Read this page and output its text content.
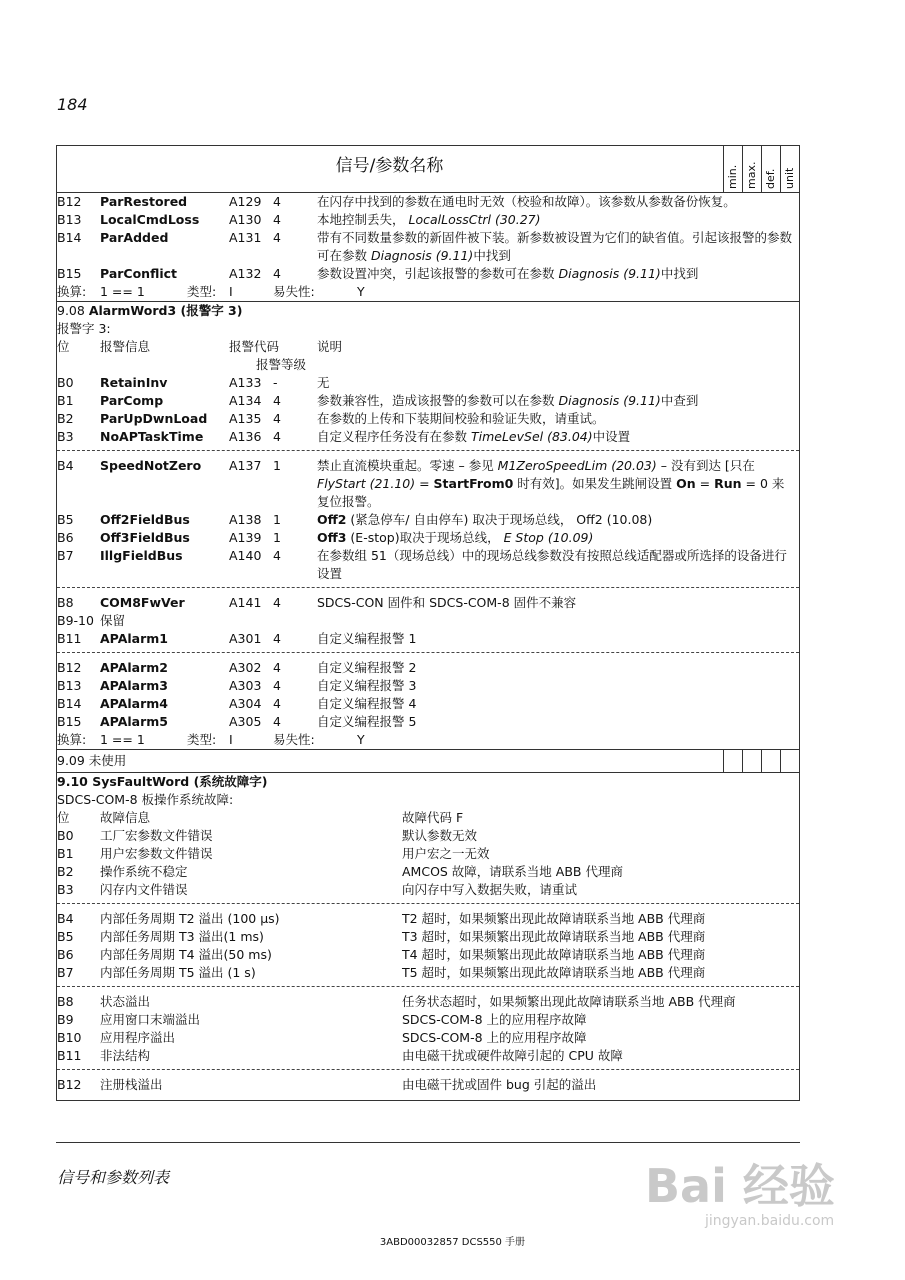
184
信号/参数名称	min. max. def. unit
B12 ParRestored	A129 4	在闪存中找到的参数在通电时无效（校验和故障）。该参数从参数备份恢复。
B13 LocalCmdLoss A130 4	本地控制丢失， LocalLossCtrl (30.27)
B14 ParAdded	A131 4	带有不同数量参数的新固件被下装。新参数被设置为它们的缺省值。引起该报警的参数可在参数 Diagnosis (9.11)中找到
B15 ParConflict	A132 4	参数设置冲突，引起该报警的参数可在参数 Diagnosis (9.11)中找到
换算: 1 == 1	类型: I	易失性:	Y
9.08 AlarmWord3 (报警字 3)
报警字 3:
位 报警信息	报警代码	说明
报警等级
B0 RetainInv	A133 -	无
B1 ParComp	A134 4	参数兼容性，造成该报警的参数可以在参数 Diagnosis (9.11)中查到
B2 ParUpDwnLoad A135 4	在参数的上传和下装期间校验和验证失败，请重试。
B3 NoAPTaskTime A136 4	自定义程序任务没有在参数 TimeLevSel (83.04)中设置
B4 SpeedNotZero A137 1	禁止直流模块重起。零速 – 参见 M1ZeroSpeedLim (20.03) – 没有到达 [只在 FlyStart (21.10) = StartFrom0 时有效]。如果发生跳闸设置 On = Run = 0 来复位报警。
B5 Off2FieldBus	A138 1	Off2 (紧急停车/ 自由停车) 取决于现场总线， Off2 (10.08)
B6 Off3FieldBus	A139 1	Off3 (E-stop)取决于现场总线， E Stop (10.09)
B7 IllgFieldBus	A140 4	在参数组 51（现场总线）中的现场总线参数没有按照总线适配器或所选择的设备进行设置
B8 COM8FwVer	A141 4	SDCS-CON 固件和 SDCS-COM-8 固件不兼容
B9-10 保留
B11 APAlarm1	A301 4	自定义编程报警 1
B12 APAlarm2	A302 4	自定义编程报警 2
B13 APAlarm3	A303 4	自定义编程报警 3
B14 APAlarm4	A304 4	自定义编程报警 4
B15 APAlarm5	A305 4	自定义编程报警 5
换算: 1 == 1	类型: I	易失性:	Y
9.09 未使用
9.10 SysFaultWord (系统故障字)
SDCS-COM-8 板操作系统故障:
位 故障信息	故障代码 F
B0 工厂宏参数文件错误	默认参数无效
B1 用户宏参数文件错误	用户宏之一无效
B2 操作系统不稳定	AMCOS 故障，请联系当地 ABB 代理商
B3 闪存内文件错误	向闪存中写入数据失败，请重试
B4 内部任务周期 T2 溢出 (100 µs)	T2 超时，如果频繁出现此故障请联系当地 ABB 代理商
B5 内部任务周期 T3 溢出(1 ms)	T3 超时，如果频繁出现此故障请联系当地 ABB 代理商
B6 内部任务周期 T4 溢出(50 ms)	T4 超时，如果频繁出现此故障请联系当地 ABB 代理商
B7 内部任务周期 T5 溢出 (1 s)	T5 超时，如果频繁出现此故障请联系当地 ABB 代理商
B8 状态溢出	任务状态超时，如果频繁出现此故障请联系当地 ABB 代理商
B9 应用窗口末端溢出	SDCS-COM-8 上的应用程序故障
B10 应用程序溢出	SDCS-COM-8 上的应用程序故障
B11 非法结构	由电磁干扰或硬件故障引起的 CPU 故障
B12 注册栈溢出	由电磁干扰或固件 bug 引起的溢出
信号和参数列表	Bai 经验
jingyan.baidu.com
3ABD00032857 DCS550 手册
